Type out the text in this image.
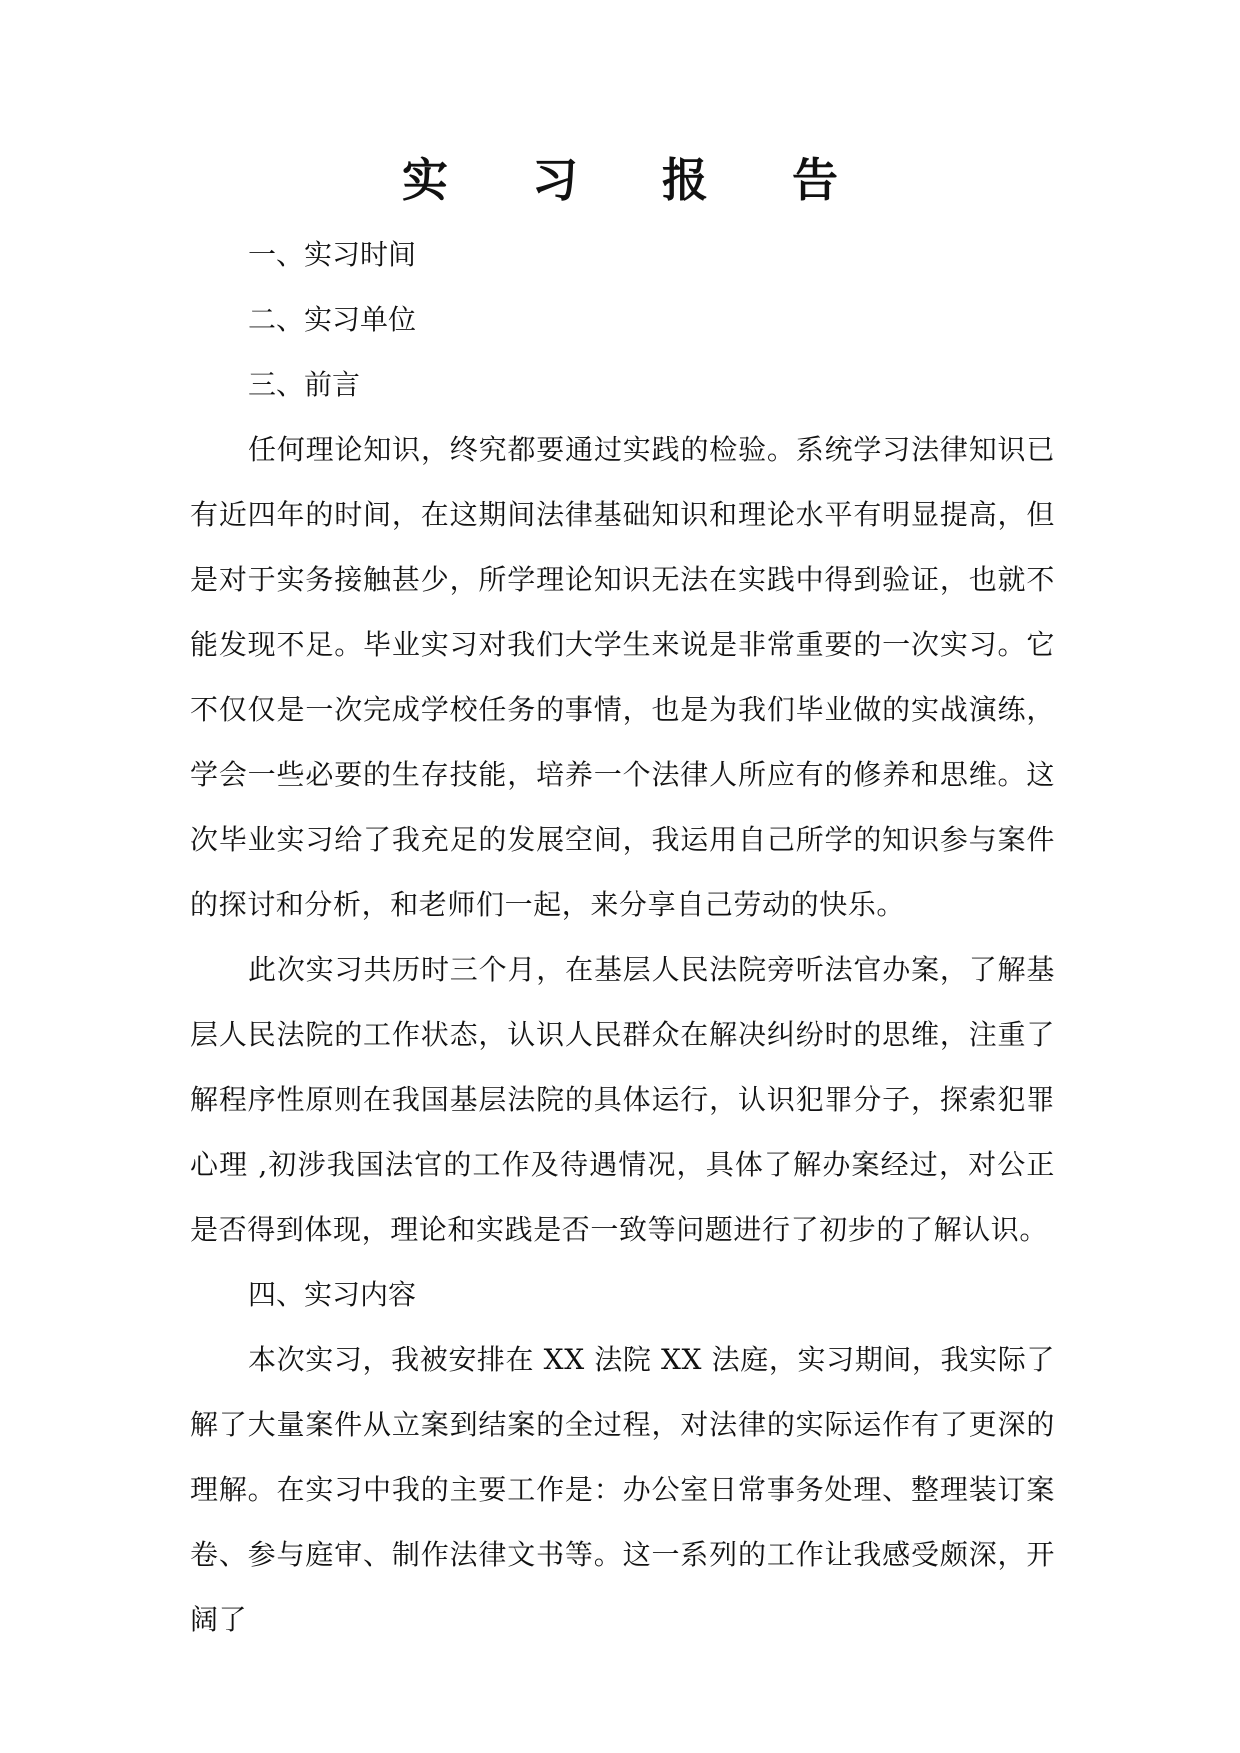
实 习 报 告

一、实习时间

二、实习单位

三、前言

任何理论知识，终究都要通过实践的检验。系统学习法律知识已有近四年的时间，在这期间法律基础知识和理论水平有明显提高，但是对于实务接触甚少，所学理论知识无法在实践中得到验证，也就不能发现不足。毕业实习对我们大学生来说是非常重要的一次实习。它不仅仅是一次完成学校任务的事情，也是为我们毕业做的实战演练，学会一些必要的生存技能，培养一个法律人所应有的修养和思维。这次毕业实习给了我充足的发展空间，我运用自己所学的知识参与案件的探讨和分析，和老师们一起，来分享自己劳动的快乐。

此次实习共历时三个月，在基层人民法院旁听法官办案，了解基层人民法院的工作状态，认识人民群众在解决纠纷时的思维，注重了解程序性原则在我国基层法院的具体运行，认识犯罪分子，探索犯罪心理 ,初涉我国法官的工作及待遇情况，具体了解办案经过，对公正是否得到体现，理论和实践是否一致等问题进行了初步的了解认识。

四、实习内容

本次实习，我被安排在 XX 法院 XX 法庭，实习期间，我实际了解了大量案件从立案到结案的全过程，对法律的实际运作有了更深的理解。在实习中我的主要工作是：办公室日常事务处理、整理装订案卷、参与庭审、制作法律文书等。这一系列的工作让我感受颇深，开阔了
